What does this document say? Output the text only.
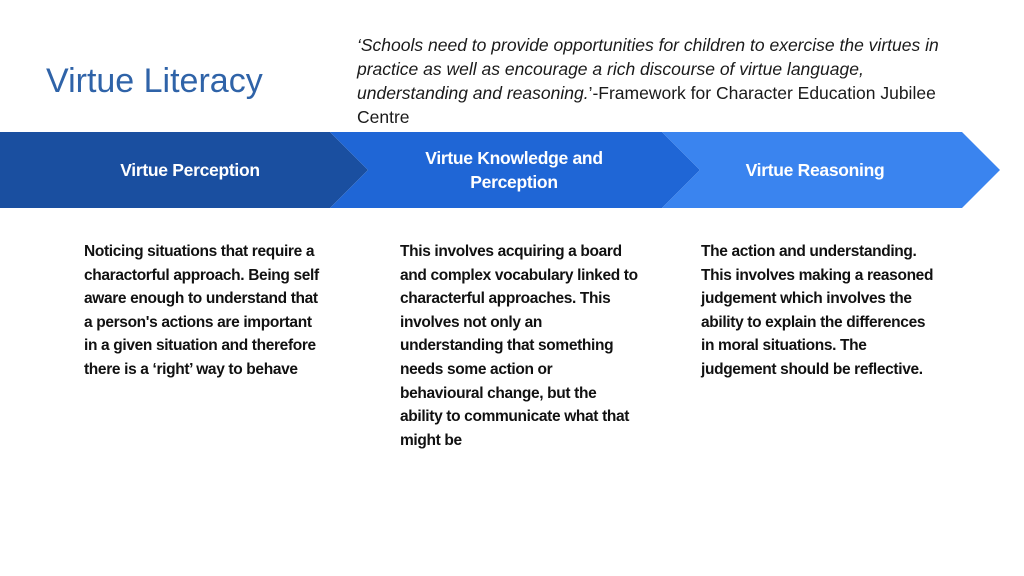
Virtue Literacy
‘Schools need to provide opportunities for children to exercise the virtues in practice as well as encourage a rich discourse of virtue language, understanding and reasoning.’-Framework for Character Education Jubilee Centre
Virtue Perception
Virtue Knowledge and Perception
Virtue Reasoning
Noticing situations that require a charactorful approach. Being self aware enough to understand that a person's actions are important in a given situation and therefore there is a ‘right’ way to behave
This involves acquiring a board and complex vocabulary linked to characterful approaches. This involves not only an understanding that something needs some action or behavioural change, but the ability to communicate what that might be
The action and understanding. This involves making a reasoned judgement which involves the ability to explain the differences in moral situations. The judgement should be reflective.
